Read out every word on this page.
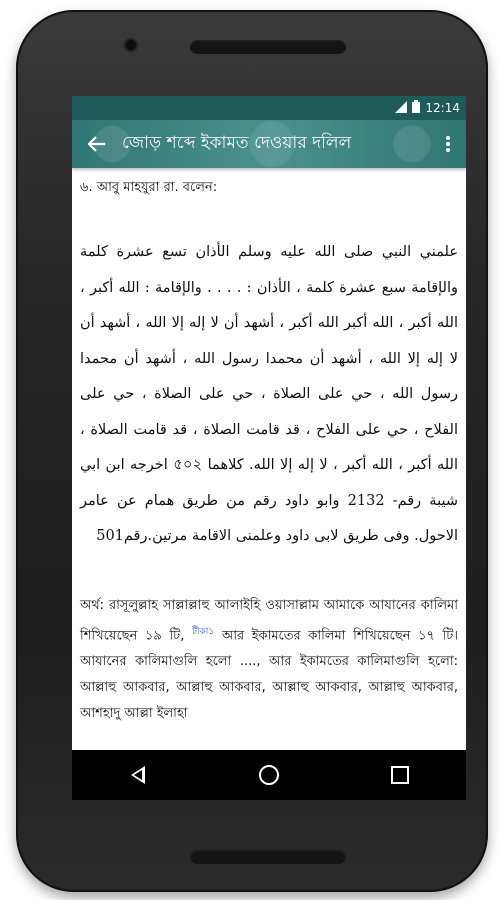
12:14
জোড় শব্দে ইকামত দেওয়ার দলিল
৬. আবু মাহযুরা রা. বলেন:
علمني النبي صلى الله عليه وسلم الأذان تسع عشرة كلمة والإقامة سبع عشرة كلمة ، الأذان : . . . . والإقامة : الله أكبر ، الله أكبر ، الله أكبر الله أكبر ، أشهد أن لا إله إلا الله ، أشهد أن لا إله إلا الله ، أشهد أن محمدا رسول الله ، أشهد أن محمدا رسول الله ، حي على الصلاة ، حي على الصلاة ، حي على الفلاح ، حي على الفلاح ، قد قامت الصلاة ، قد قامت الصلاة ، الله أكبر ، الله أكبر ، لا إله إلا الله. كلاهما ৫০২ اخرجه ابن ابي شيبة رقم- 2132 وابو داود رقم من طريق همام عن عامر الاحول. وفى طريق لابى داود وعلمنى الاقامة مرتين.رقم501
অর্থ: রাসূলুল্লাহ সাল্লাল্লাহু আলাইহি ওয়াসাল্লাম আমাকে আযানের কালিমা শিখিয়েছেন ১৯ টি, $^{টীকা১}$ আর ইকামতের কালিমা শিখিয়েছেন ১৭ টি। আযানের কালিমাগুলি হলো ...., আর ইকামতের কালিমাগুলি হলো: আল্লাহু আকবার, আল্লাহু আকবার, আল্লাহু আকবার, আল্লাহু আকবার, আশহাদু আল্লা ইলাহা
